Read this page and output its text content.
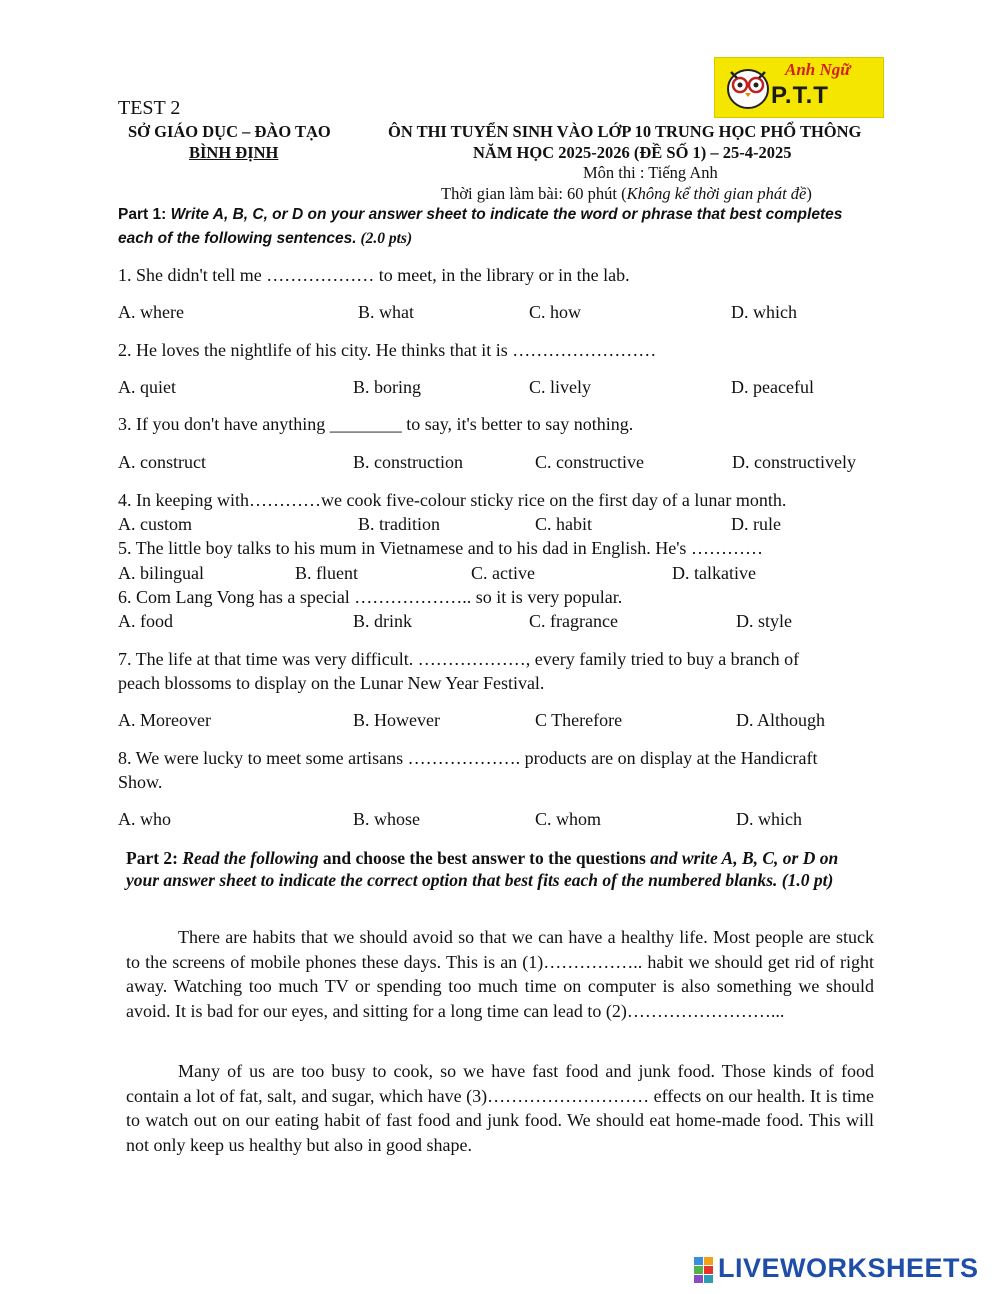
Anh Ngữ
P.T.T
TEST 2
SỞ GIÁO DỤC – ĐÀO TẠO
BÌNH ĐỊNH
ÔN THI TUYỂN SINH VÀO LỚP 10 TRUNG HỌC PHỔ THÔNG
NĂM HỌC 2025-2026 (ĐỀ SỐ 1) – 25-4-2025
Môn thi : Tiếng Anh
Thời gian làm bài: 60 phút (Không kể thời gian phát đề)
Part 1: Write A, B, C, or D on your answer sheet to indicate the word or phrase that best completes
each of the following sentences. (2.0 pts)
1. She didn't tell me ……………… to meet, in the library or in the lab.
A. where	B. what	C. how	D. which
2. He loves the nightlife of his city. He thinks that it is ……………………
A. quiet	B. boring	C. lively	D. peaceful
3. If you don't have anything ________ to say, it's better to say nothing.
A. construct	B. construction	C. constructive	D. constructively
4. In keeping with…………we cook five-colour sticky rice on the first day of a lunar month.
A. custom	B. tradition	C. habit	D. rule
5. The little boy talks to his mum in Vietnamese and to his dad in English. He's …………
A. bilingual	B. fluent	C. active	D. talkative
6. Com Lang Vong has a special ……………….. so it is very popular.
A. food	B. drink	C. fragrance	D. style
7. The life at that time was very difficult. ………………, every family tried to buy a branch of
peach blossoms to display on the Lunar New Year Festival.
A. Moreover	B. However	C Therefore	D. Although
8. We were lucky to meet some artisans ………………. products are on display at the Handicraft
Show.
A. who	B. whose	C. whom	D. which
Part 2: Read the following and choose the best answer to the questions and write A, B, C, or D on your answer sheet to indicate the correct option that best fits each of the numbered blanks. (1.0 pt)
There are habits that we should avoid so that we can have a healthy life. Most people are stuck to the screens of mobile phones these days. This is an (1)…………….. habit we should get rid of right away. Watching too much TV or spending too much time on computer is also something we should avoid. It is bad for our eyes, and sitting for a long time can lead to (2)……………………...
Many of us are too busy to cook, so we have fast food and junk food. Those kinds of food contain a lot of fat, salt, and sugar, which have (3)……………………… effects on our health. It is time to watch out on our eating habit of fast food and junk food. We should eat home-made food. This will not only keep us healthy but also in good shape.
LIVEWORKSHEETS
